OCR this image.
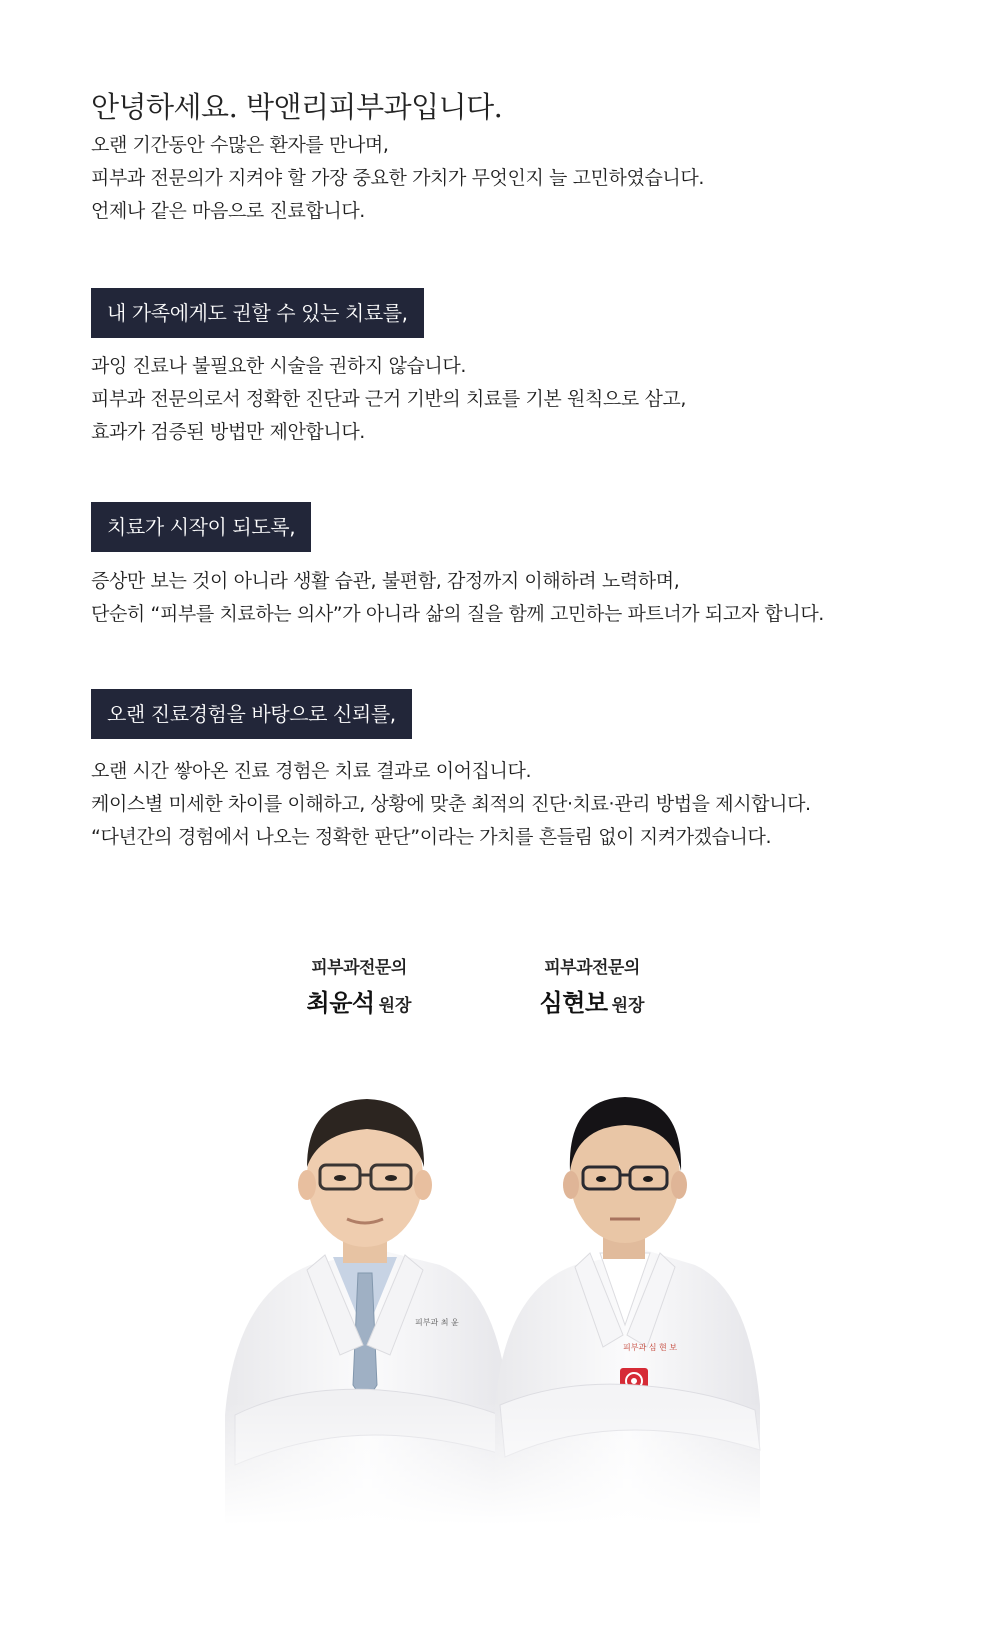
안녕하세요. 박앤리피부과입니다.

오랜 기간동안 수많은 환자를 만나며,
피부과 전문의가 지켜야 할 가장 중요한 가치가 무엇인지 늘 고민하였습니다.
언제나 같은 마음으로 진료합니다.

내 가족에게도 권할 수 있는 치료를,

과잉 진료나 불필요한 시술을 권하지 않습니다.
피부과 전문의로서 정확한 진단과 근거 기반의 치료를 기본 원칙으로 삼고,
효과가 검증된 방법만 제안합니다.

치료가 시작이 되도록,

증상만 보는 것이 아니라 생활 습관, 불편함, 감정까지 이해하려 노력하며,
단순히 “피부를 치료하는 의사”가 아니라 삶의 질을 함께 고민하는 파트너가 되고자 합니다.

오랜 진료경험을 바탕으로 신뢰를,

오랜 시간 쌓아온 진료 경험은 치료 결과로 이어집니다.
케이스별 미세한 차이를 이해하고, 상황에 맞춘 최적의 진단·치료·관리 방법을 제시합니다.
“다년간의 경험에서 나오는 정확한 판단”이라는 가치를 흔들림 없이 지켜가겠습니다.

피부과전문의
최윤석 원장
피부과전문의
심현보 원장
